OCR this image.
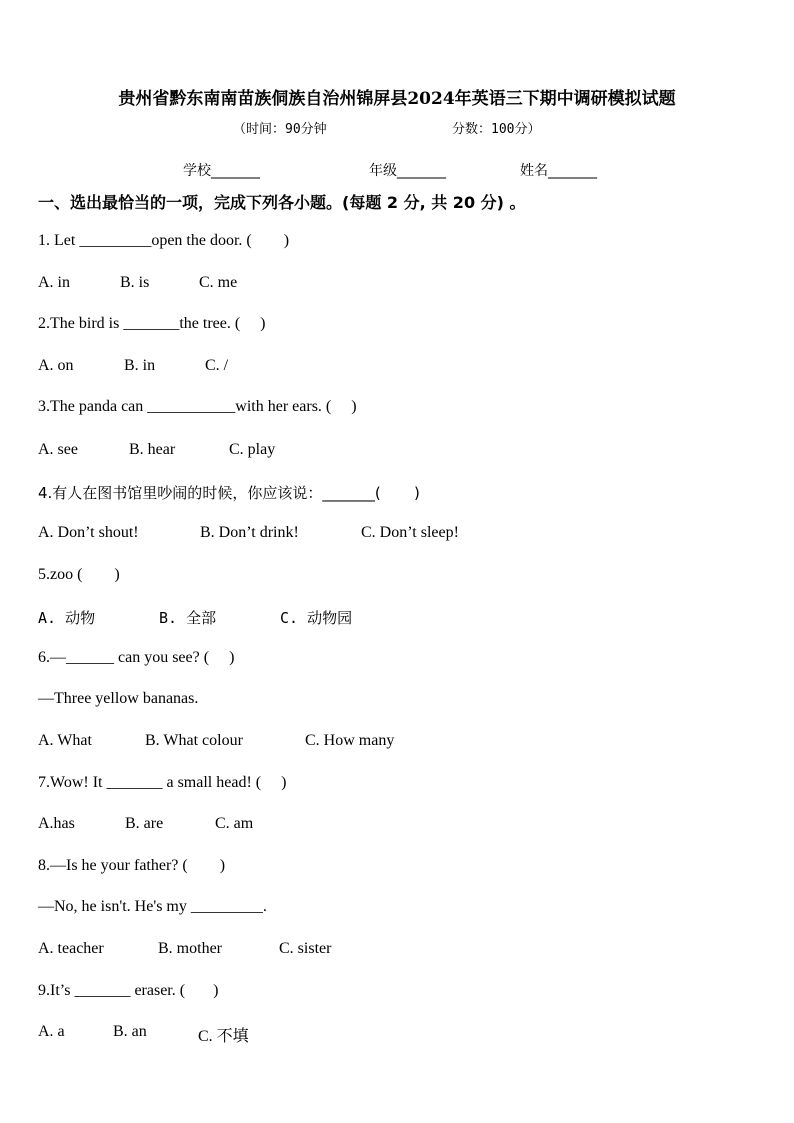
贵州省黔东南南苗族侗族自治州锦屏县2024年英语三下期中调研模拟试题
（时间：90分钟	分数：100分）
学校_______	年级_______	姓名_______
一、选出最恰当的一项，完成下列各小题。(每题 2 分, 共 20 分) 。
1. Let _________open the door. (        )
A. in	B. is	C. me
2.The bird is _______the tree. (     )
A. on	B. in	C. /
3.The panda can ___________with her ears. (     )
A. see	B. hear	C. play
4.有人在图书馆里吵闹的时候，你应该说：_______(       )
A. Don’t shout!	B. Don’t drink!	C. Don’t sleep!
5.zoo (        )
A. 动物	B. 全部	C. 动物园
6.—______ can you see? (     )
—Three yellow bananas.
A. What	B. What colour	C. How many
7.Wow! It _______ a small head! (     )
A.has	B. are	C. am
8.—Is he your father? (        )
—No, he isn't. He's my _________.
A. teacher	B. mother	C. sister
9.It’s _______ eraser. (       )
A. a	B. an	C. 不填
